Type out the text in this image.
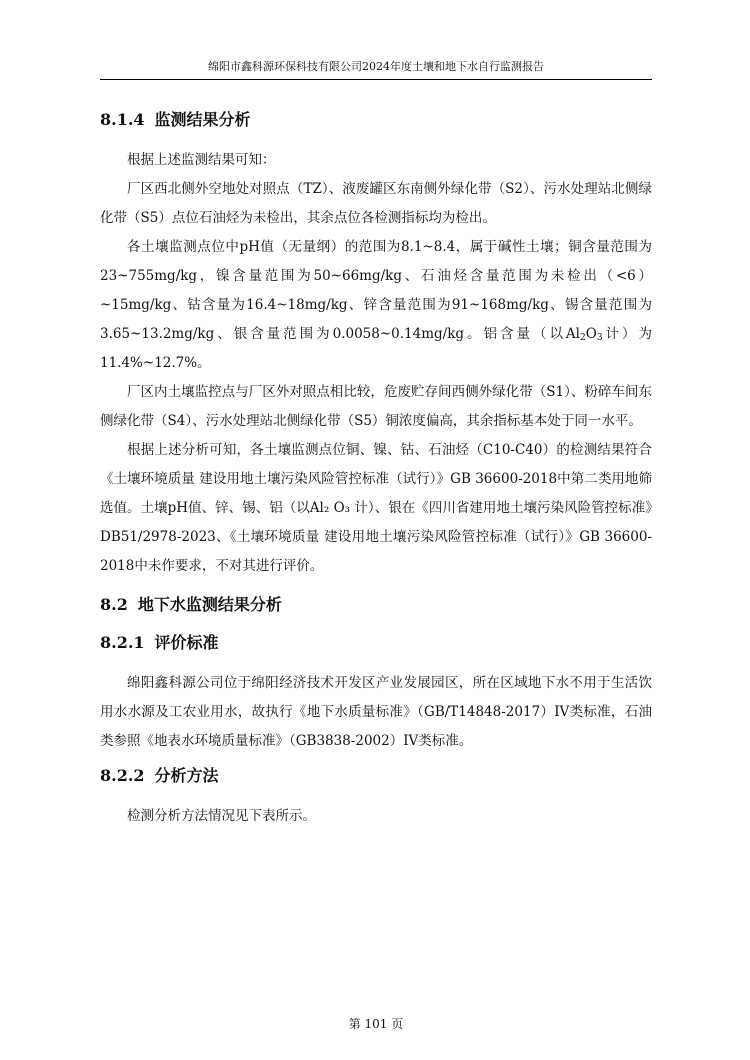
绵阳市鑫科源环保科技有限公司2024年度土壤和地下水自行监测报告
8.1.4 监测结果分析

根据上述监测结果可知：

厂区西北侧外空地处对照点（TZ）、液废罐区东南侧外绿化带（S2）、污水处理站北侧绿化带（S5）点位石油烃为未检出，其余点位各检测指标均为检出。

各土壤监测点位中pH值（无量纲）的范围为8.1~8.4，属于碱性土壤；铜含量范围为23~755mg/kg，镍含量范围为50~66mg/kg、石油烃含量范围为未检出（<6）~15mg/kg、钴含量为16.4~18mg/kg、锌含量范围为91~168mg/kg、锡含量范围为3.65~13.2mg/kg、银含量范围为0.0058~0.14mg/kg。铝含量（以$Al_2O_3$计）为11.4%~12.7%。

厂区内土壤监控点与厂区外对照点相比较，危废贮存间西侧外绿化带（S1）、粉碎车间东侧绿化带（S4）、污水处理站北侧绿化带（S5）铜浓度偏高，其余指标基本处于同一水平。

根据上述分析可知，各土壤监测点位铜、镍、钴、石油烃（C10-C40）的检测结果符合《土壤环境质量 建设用地土壤污染风险管控标准（试行）》GB 36600-2018中第二类用地筛选值。土壤pH值、锌、锡、铝（以Al₂ O₃ 计）、银在《四川省建用地土壤污染风险管控标准》DB51/2978-2023、《土壤环境质量 建设用地土壤污染风险管控标准（试行）》GB 36600-2018中未作要求，不对其进行评价。

8.2 地下水监测结果分析
8.2.1 评价标准

绵阳鑫科源公司位于绵阳经济技术开发区产业发展园区，所在区域地下水不用于生活饮用水水源及工农业用水，故执行《地下水质量标准》（GB/T14848-2017）IV类标准，石油类参照《地表水环境质量标准》（GB3838-2002）IV类标准。

8.2.2 分析方法

检测分析方法情况见下表所示。

第 101 页
